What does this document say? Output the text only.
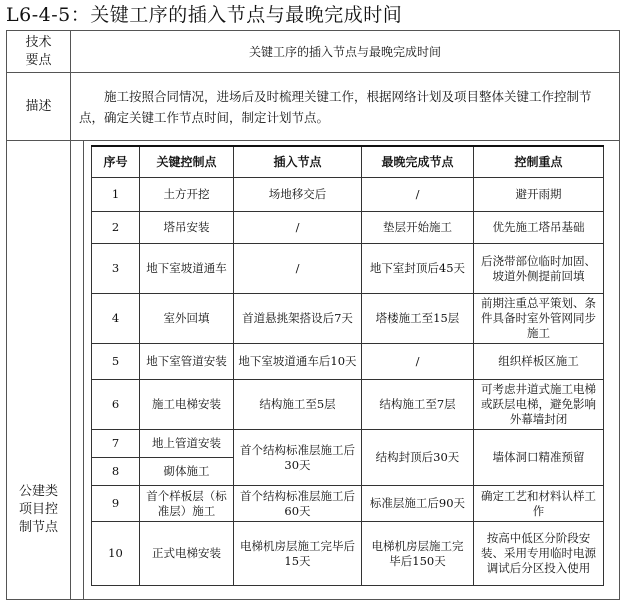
L6-4-5：关键工序的插入节点与最晚完成时间
技术
要点	关键工序的插入节点与最晚完成时间
描述	施工按照合同情况，进场后及时梳理关键工作，根据网络计划及项目整体关键工作控制节点，确定关键工作节点时间，制定计划节点。
公建类
项目控
制节点	
序号	关键控制点	插入节点	最晚完成节点	控制重点
1	土方开挖	场地移交后	/	避开雨期
2	塔吊安装	/	垫层开始施工	优先施工塔吊基础
3	地下室坡道通车	/	地下室封顶后45天	后浇带部位临时加固、坡道外侧提前回填
4	室外回填	首道悬挑架搭设后7天	塔楼施工至15层	前期注重总平策划、条件具备时室外管网同步施工
5	地下室管道安装	地下室坡道通车后10天	/	组织样板区施工
6	施工电梯安装	结构施工至5层	结构施工至7层	可考虑井道式施工电梯或跃层电梯，避免影响外幕墙封闭
7	地上管道安装	首个结构标准层施工后30天	结构封顶后30天	墙体洞口精准预留
8	砌体施工
9	首个样板层（标准层）施工	首个结构标准层施工后60天	标准层施工后90天	确定工艺和材料认样工作
10	正式电梯安装	电梯机房层施工完毕后15天	电梯机房层施工完毕后150天	按高中低区分阶段安装、采用专用临时电源调试后分区投入使用
